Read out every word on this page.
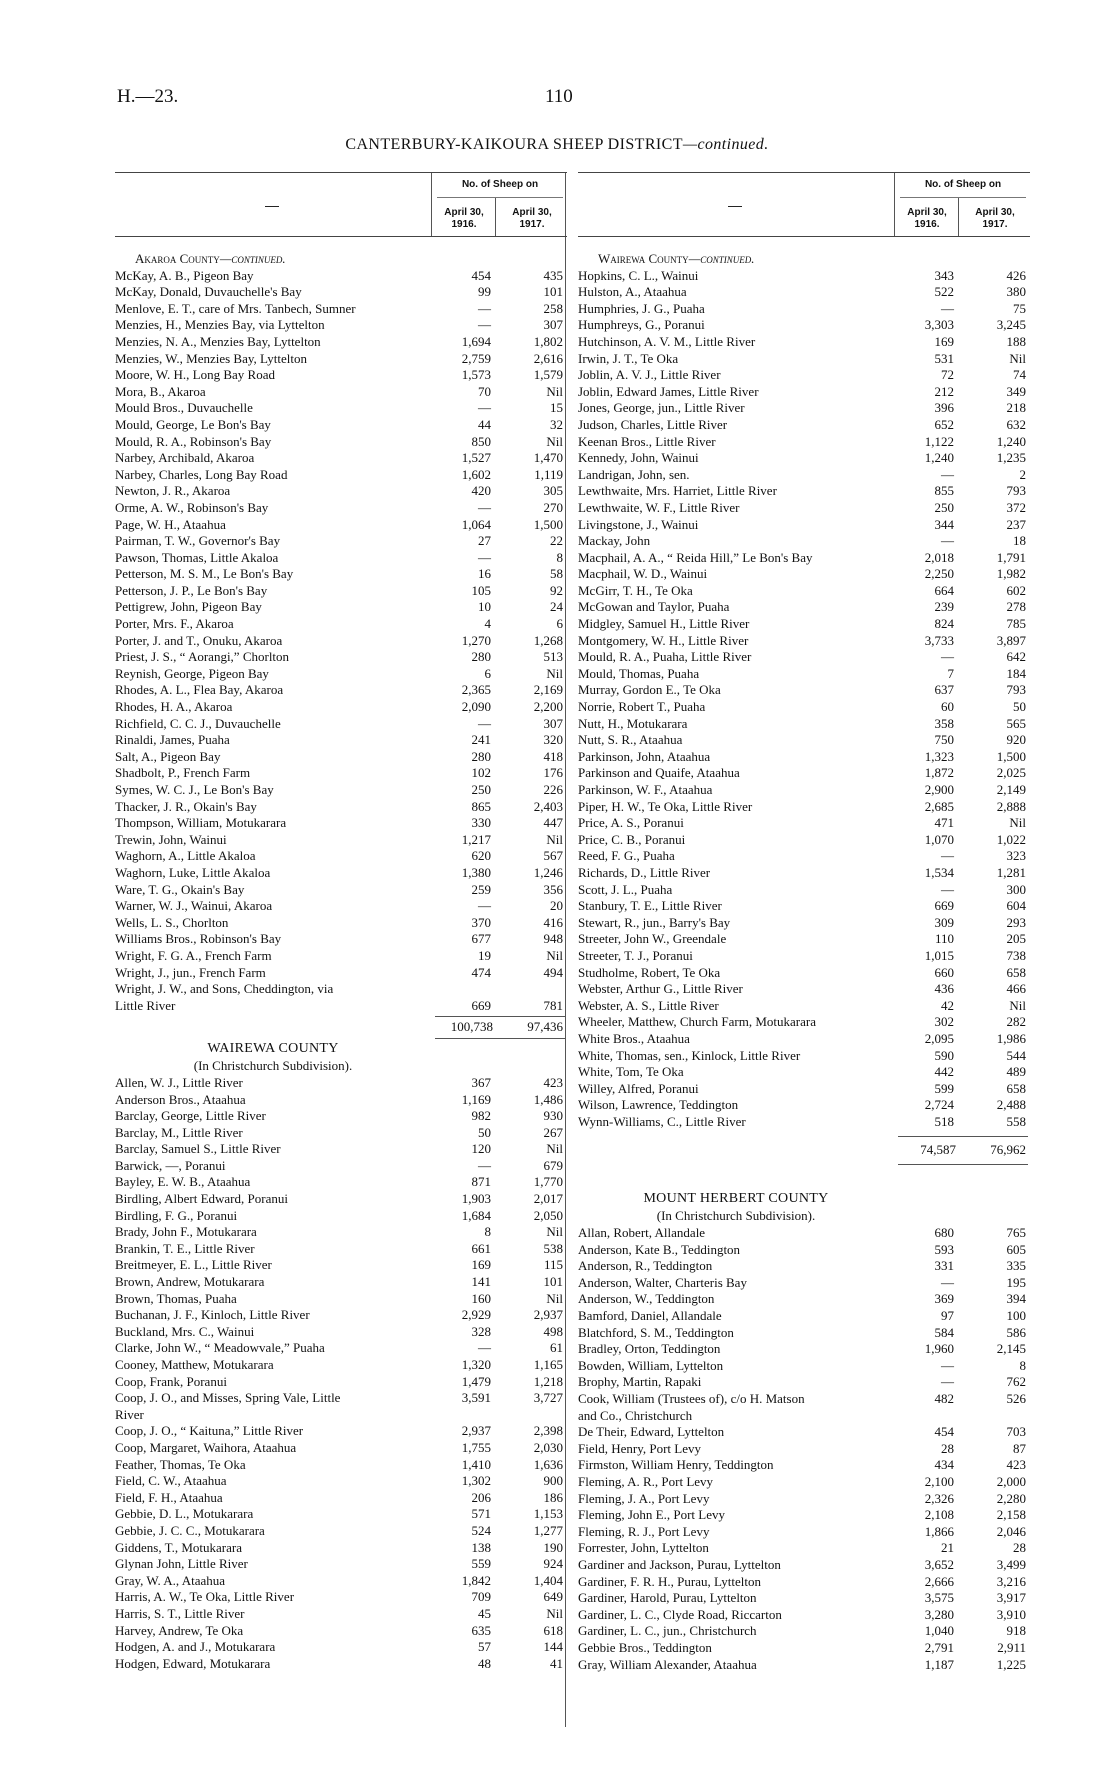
H.—23.	110
CANTERBURY-KAIKOURA SHEEP DISTRICT—continued.
—
No. of Sheep on
April 30,
1916.
April 30,
1917.
Akaroa County—continued.
McKay, A. B., Pigeon Bay	454	435
McKay, Donald, Duvauchelle's Bay	99	101
Menlove, E. T., care of Mrs. Tanbech, Sumner	—	258
Menzies, H., Menzies Bay, via Lyttelton	—	307
Menzies, N. A., Menzies Bay, Lyttelton	1,694	1,802
Menzies, W., Menzies Bay, Lyttelton	2,759	2,616
Moore, W. H., Long Bay Road	1,573	1,579
Mora, B., Akaroa	70	Nil
Mould Bros., Duvauchelle	—	15
Mould, George, Le Bon's Bay	44	32
Mould, R. A., Robinson's Bay	850	Nil
Narbey, Archibald, Akaroa	1,527	1,470
Narbey, Charles, Long Bay Road	1,602	1,119
Newton, J. R., Akaroa	420	305
Orme, A. W., Robinson's Bay	—	270
Page, W. H., Ataahua	1,064	1,500
Pairman, T. W., Governor's Bay	27	22
Pawson, Thomas, Little Akaloa	—	8
Petterson, M. S. M., Le Bon's Bay	16	58
Petterson, J. P., Le Bon's Bay	105	92
Pettigrew, John, Pigeon Bay	10	24
Porter, Mrs. F., Akaroa	4	6
Porter, J. and T., Onuku, Akaroa	1,270	1,268
Priest, J. S., “ Aorangi,” Chorlton	280	513
Reynish, George, Pigeon Bay	6	Nil
Rhodes, A. L., Flea Bay, Akaroa	2,365	2,169
Rhodes, H. A., Akaroa	2,090	2,200
Richfield, C. C. J., Duvauchelle	—	307
Rinaldi, James, Puaha	241	320
Salt, A., Pigeon Bay	280	418
Shadbolt, P., French Farm	102	176
Symes, W. C. J., Le Bon's Bay	250	226
Thacker, J. R., Okain's Bay	865	2,403
Thompson, William, Motukarara	330	447
Trewin, John, Wainui	1,217	Nil
Waghorn, A., Little Akaloa	620	567
Waghorn, Luke, Little Akaloa	1,380	1,246
Ware, T. G., Okain's Bay	259	356
Warner, W. J., Wainui, Akaroa	—	20
Wells, L. S., Chorlton	370	416
Williams Bros., Robinson's Bay	677	948
Wright, F. G. A., French Farm	19	Nil
Wright, J., jun., French Farm	474	494
Wright, J. W., and Sons, Cheddington, via
Little River	669	781
100,738	97,436
WAIREWA COUNTY
(In Christchurch Subdivision).
Allen, W. J., Little River	367	423
Anderson Bros., Ataahua	1,169	1,486
Barclay, George, Little River	982	930
Barclay, M., Little River	50	267
Barclay, Samuel S., Little River	120	Nil
Barwick, —, Poranui	—	679
Bayley, E. W. B., Ataahua	871	1,770
Birdling, Albert Edward, Poranui	1,903	2,017
Birdling, F. G., Poranui	1,684	2,050
Brady, John F., Motukarara	8	Nil
Brankin, T. E., Little River	661	538
Breitmeyer, E. L., Little River	169	115
Brown, Andrew, Motukarara	141	101
Brown, Thomas, Puaha	160	Nil
Buchanan, J. F., Kinloch, Little River	2,929	2,937
Buckland, Mrs. C., Wainui	328	498
Clarke, John W., “ Meadowvale,” Puaha	—	61
Cooney, Matthew, Motukarara	1,320	1,165
Coop, Frank, Poranui	1,479	1,218
Coop, J. O., and Misses, Spring Vale, Little	3,591	3,727
River
Coop, J. O., “ Kaituna,” Little River	2,937	2,398
Coop, Margaret, Waihora, Ataahua	1,755	2,030
Feather, Thomas, Te Oka	1,410	1,636
Field, C. W., Ataahua	1,302	900
Field, F. H., Ataahua	206	186
Gebbie, D. L., Motukarara	571	1,153
Gebbie, J. C. C., Motukarara	524	1,277
Giddens, T., Motukarara	138	190
Glynan John, Little River	559	924
Gray, W. A., Ataahua	1,842	1,404
Harris, A. W., Te Oka, Little River	709	649
Harris, S. T., Little River	45	Nil
Harvey, Andrew, Te Oka	635	618
Hodgen, A. and J., Motukarara	57	144
Hodgen, Edward, Motukarara	48	41
—
No. of Sheep on
April 30,
1916.
April 30,
1917.
Wairewa County—continued.
Hopkins, C. L., Wainui	343	426
Hulston, A., Ataahua	522	380
Humphries, J. G., Puaha	—	75
Humphreys, G., Poranui	3,303	3,245
Hutchinson, A. V. M., Little River	169	188
Irwin, J. T., Te Oka	531	Nil
Joblin, A. V. J., Little River	72	74
Joblin, Edward James, Little River	212	349
Jones, George, jun., Little River	396	218
Judson, Charles, Little River	652	632
Keenan Bros., Little River	1,122	1,240
Kennedy, John, Wainui	1,240	1,235
Landrigan, John, sen.	—	2
Lewthwaite, Mrs. Harriet, Little River	855	793
Lewthwaite, W. F., Little River	250	372
Livingstone, J., Wainui	344	237
Mackay, John	—	18
Macphail, A. A., “ Reida Hill,” Le Bon's Bay	2,018	1,791
Macphail, W. D., Wainui	2,250	1,982
McGirr, T. H., Te Oka	664	602
McGowan and Taylor, Puaha	239	278
Midgley, Samuel H., Little River	824	785
Montgomery, W. H., Little River	3,733	3,897
Mould, R. A., Puaha, Little River	—	642
Mould, Thomas, Puaha	7	184
Murray, Gordon E., Te Oka	637	793
Norrie, Robert T., Puaha	60	50
Nutt, H., Motukarara	358	565
Nutt, S. R., Ataahua	750	920
Parkinson, John, Ataahua	1,323	1,500
Parkinson and Quaife, Ataahua	1,872	2,025
Parkinson, W. F., Ataahua	2,900	2,149
Piper, H. W., Te Oka, Little River	2,685	2,888
Price, A. S., Poranui	471	Nil
Price, C. B., Poranui	1,070	1,022
Reed, F. G., Puaha	—	323
Richards, D., Little River	1,534	1,281
Scott, J. L., Puaha	—	300
Stanbury, T. E., Little River	669	604
Stewart, R., jun., Barry's Bay	309	293
Streeter, John W., Greendale	110	205
Streeter, T. J., Poranui	1,015	738
Studholme, Robert, Te Oka	660	658
Webster, Arthur G., Little River	436	466
Webster, A. S., Little River	42	Nil
Wheeler, Matthew, Church Farm, Motukarara	302	282
White Bros., Ataahua	2,095	1,986
White, Thomas, sen., Kinlock, Little River	590	544
White, Tom, Te Oka	442	489
Willey, Alfred, Poranui	599	658
Wilson, Lawrence, Teddington	2,724	2,488
Wynn-Williams, C., Little River	518	558
74,587	76,962
MOUNT HERBERT COUNTY
(In Christchurch Subdivision).
Allan, Robert, Allandale	680	765
Anderson, Kate B., Teddington	593	605
Anderson, R., Teddington	331	335
Anderson, Walter, Charteris Bay	—	195
Anderson, W., Teddington	369	394
Bamford, Daniel, Allandale	97	100
Blatchford, S. M., Teddington	584	586
Bradley, Orton, Teddington	1,960	2,145
Bowden, William, Lyttelton	—	8
Brophy, Martin, Rapaki	—	762
Cook, William (Trustees of), c/o H. Matson	482	526
and Co., Christchurch
De Their, Edward, Lyttelton	454	703
Field, Henry, Port Levy	28	87
Firmston, William Henry, Teddington	434	423
Fleming, A. R., Port Levy	2,100	2,000
Fleming, J. A., Port Levy	2,326	2,280
Fleming, John E., Port Levy	2,108	2,158
Fleming, R. J., Port Levy	1,866	2,046
Forrester, John, Lyttelton	21	28
Gardiner and Jackson, Purau, Lyttelton	3,652	3,499
Gardiner, F. R. H., Purau, Lyttelton	2,666	3,216
Gardiner, Harold, Purau, Lyttelton	3,575	3,917
Gardiner, L. C., Clyde Road, Riccarton	3,280	3,910
Gardiner, L. C., jun., Christchurch	1,040	918
Gebbie Bros., Teddington	2,791	2,911
Gray, William Alexander, Ataahua	1,187	1,225
